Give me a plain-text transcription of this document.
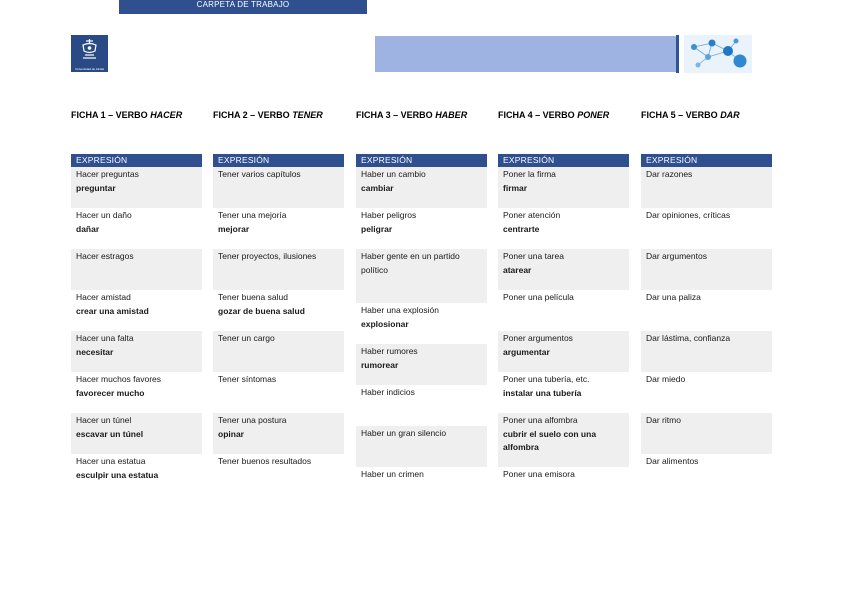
CARPETA DE TRABAJO
Universidad de Alcalá
FICHA 1 – VERBO HACER
EXPRESIÓN
Hacer preguntas
preguntar
Hacer un daño
dañar
Hacer estragos
Hacer amistad
crear una amistad
Hacer una falta
necesitar
Hacer muchos favores
favorecer mucho
Hacer un túnel
escavar un túnel
Hacer una estatua
esculpir una estatua
FICHA 2 – VERBO TENER
EXPRESIÓN
Tener varios capítulos
Tener una mejoría
mejorar
Tener proyectos, ilusiones
Tener buena salud
gozar de buena salud
Tener un cargo
Tener síntomas
Tener una postura
opinar
Tener buenos resultados
FICHA 3 – VERBO HABER
EXPRESIÓN
Haber un cambio
cambiar
Haber peligros
peligrar
Haber gente en un partido político
Haber una explosión
explosionar
Haber rumores
rumorear
Haber indicios
Haber un gran silencio
Haber un crimen
FICHA 4 – VERBO PONER
EXPRESIÓN
Poner la firma
firmar
Poner atención
centrarte
Poner una tarea
atarear
Poner una película
Poner argumentos
argumentar
Poner una tubería, etc.
instalar una tubería
Poner una alfombra
cubrir el suelo con una alfombra
Poner una emisora
FICHA 5 – VERBO DAR
EXPRESIÓN
Dar razones
Dar opiniones, críticas
Dar argumentos
Dar una paliza
Dar lástima, confianza
Dar miedo
Dar ritmo
Dar alimentos
